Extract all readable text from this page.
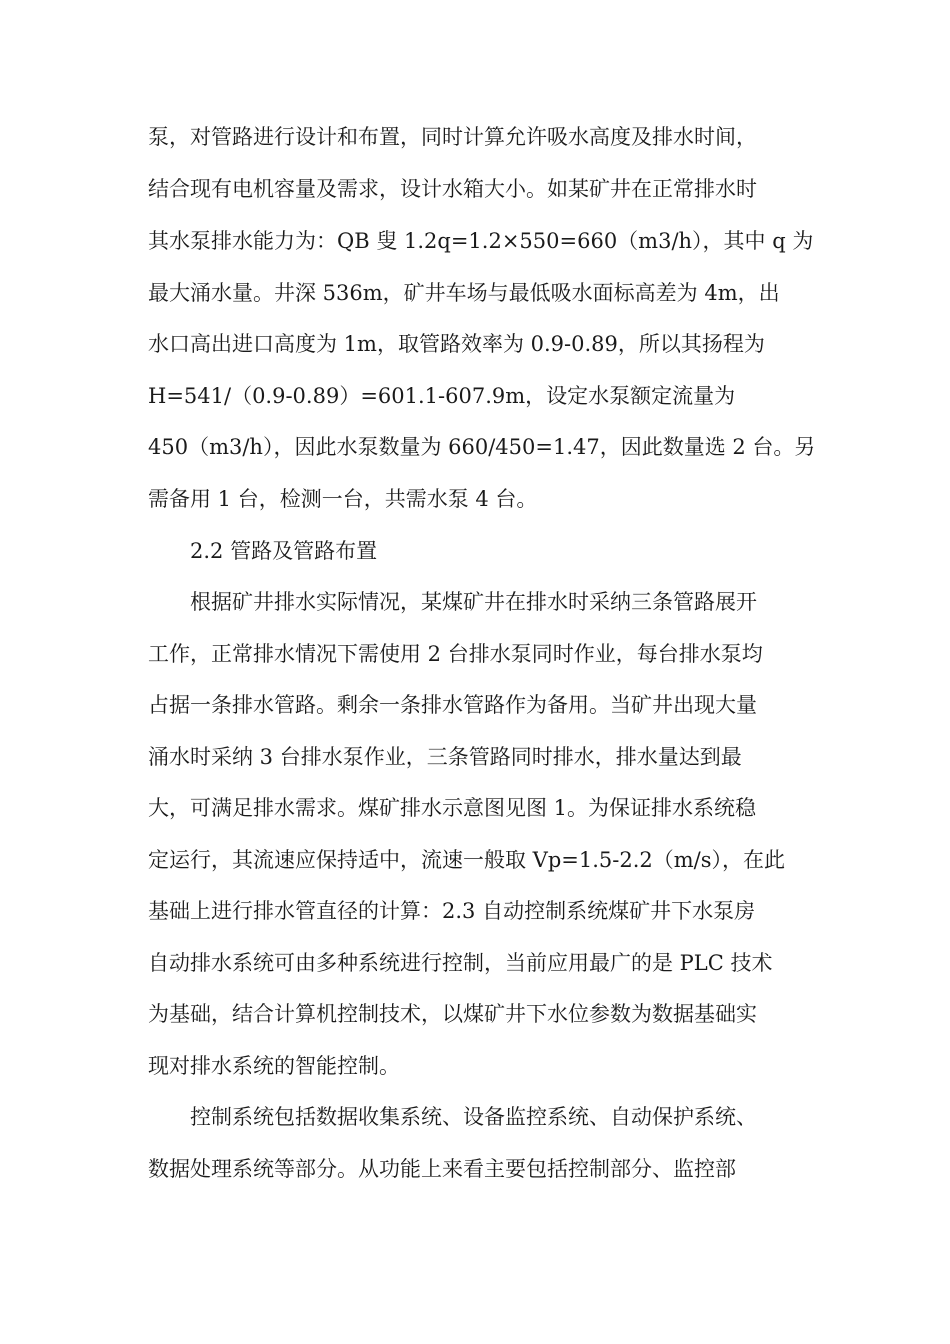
泵，对管路进行设计和布置，同时计算允许吸水高度及排水时间，
结合现有电机容量及需求，设计水箱大小。如某矿井在正常排水时
其水泵排水能力为：QB 叟 1.2q=1.2×550=660（m3/h），其中 q 为
最大涌水量。井深 536m，矿井车场与最低吸水面标高差为 4m，出
水口高出进口高度为 1m，取管路效率为 0.9-0.89，所以其扬程为
H=541/（0.9-0.89）=601.1-607.9m，设定水泵额定流量为
450（m3/h），因此水泵数量为 660/450=1.47，因此数量选 2 台。另
需备用 1 台，检测一台，共需水泵 4 台。
2.2 管路及管路布置
根据矿井排水实际情况，某煤矿井在排水时采纳三条管路展开
工作，正常排水情况下需使用 2 台排水泵同时作业，每台排水泵均
占据一条排水管路。剩余一条排水管路作为备用。当矿井出现大量
涌水时采纳 3 台排水泵作业，三条管路同时排水，排水量达到最
大，可满足排水需求。煤矿排水示意图见图 1。为保证排水系统稳
定运行，其流速应保持适中，流速一般取 Vp=1.5-2.2（m/s），在此
基础上进行排水管直径的计算：2.3 自动控制系统煤矿井下水泵房
自动排水系统可由多种系统进行控制，当前应用最广的是 PLC 技术
为基础，结合计算机控制技术，以煤矿井下水位参数为数据基础实
现对排水系统的智能控制。
控制系统包括数据收集系统、设备监控系统、自动保护系统、
数据处理系统等部分。从功能上来看主要包括控制部分、监控部
